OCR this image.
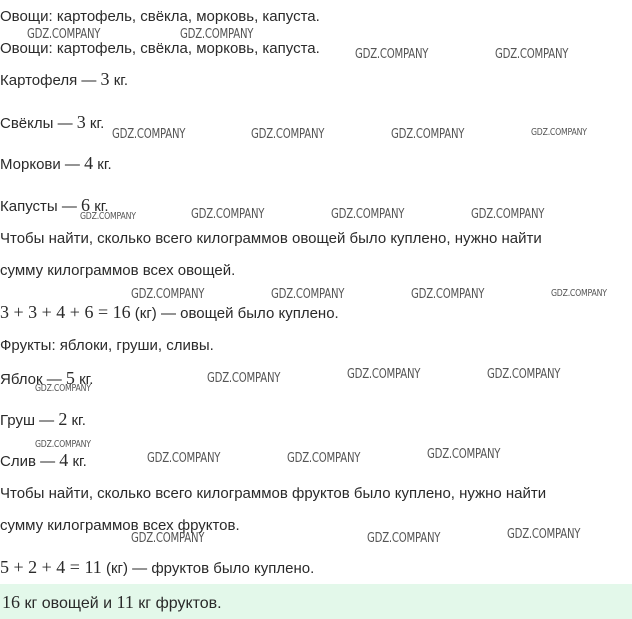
Овощи: картофель, свёкла, морковь, капуста.
Овощи: картофель, свёкла, морковь, капуста.
Картофеля — 3 кг.
Свёклы — 3 кг.
Моркови — 4 кг.
Капусты — 6 кг.
Чтобы найти, сколько всего килограммов овощей было куплено, нужно найти
сумму килограммов всех овощей.
3 + 3 + 4 + 6 = 16 (кг) — овощей было куплено.
Фрукты: яблоки, груши, сливы.
Яблок — 5 кг.
Груш — 2 кг.
Слив — 4 кг.
Чтобы найти, сколько всего килограммов фруктов было куплено, нужно найти
сумму килограммов всех фруктов.
5 + 2 + 4 = 11 (кг) — фруктов было куплено.
16 кг овощей и 11 кг фруктов.
GDZ.COMPANY	GDZ.COMPANY
GDZ.COMPANY	GDZ.COMPANY
GDZ.COMPANY	GDZ.COMPANY	GDZ.COMPANY	GDZ.COMPANY
GDZ.COMPANY	GDZ.COMPANY	GDZ.COMPANY	GDZ.COMPANY
GDZ.COMPANY	GDZ.COMPANY	GDZ.COMPANY	GDZ.COMPANY
GDZ.COMPANY
GDZ.COMPANY	GDZ.COMPANY	GDZ.COMPANY
GDZ.COMPANY
GDZ.COMPANY	GDZ.COMPANY	GDZ.COMPANY
GDZ.COMPANY	GDZ.COMPANY	GDZ.COMPANY
